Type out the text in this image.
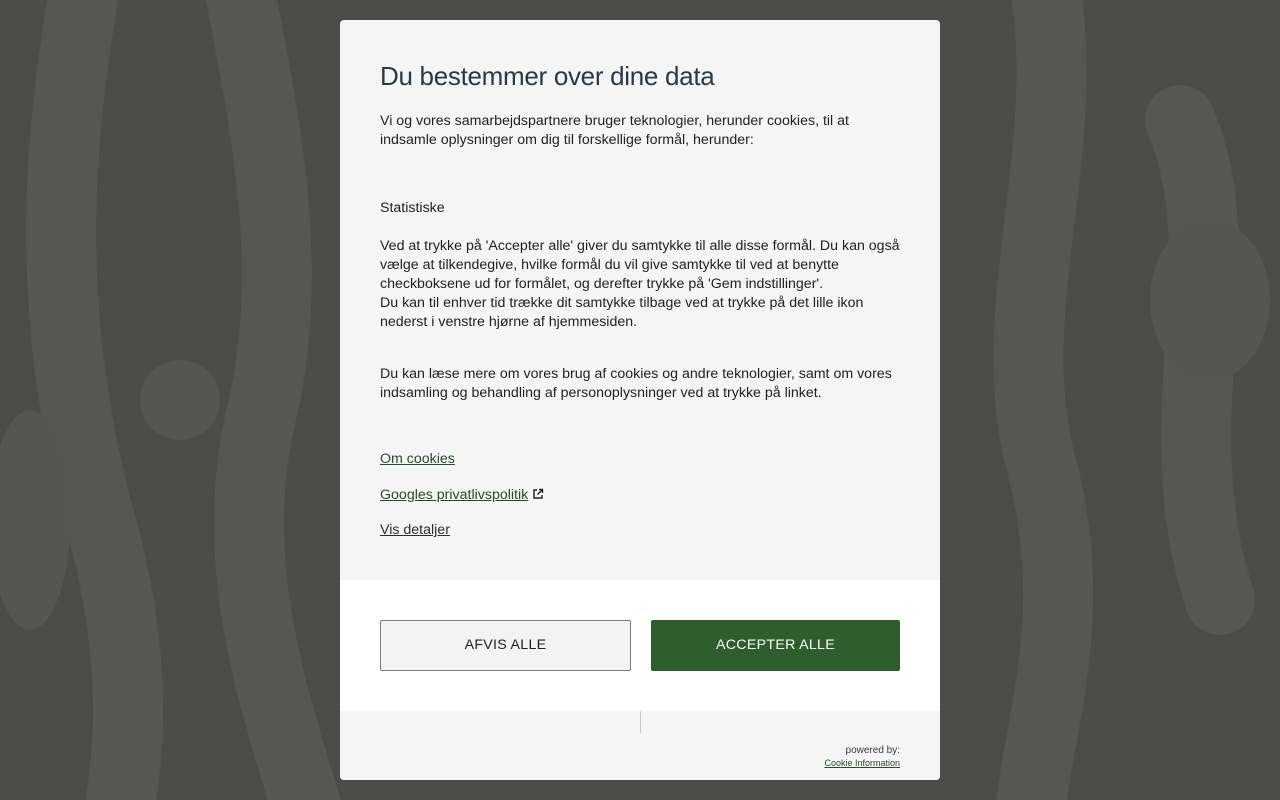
Du bestemmer over dine data

Vi og vores samarbejdspartnere bruger teknologier, herunder cookies, til at indsamle oplysninger om dig til forskellige formål, herunder:

Statistiske

Ved at trykke på 'Accepter alle' giver du samtykke til alle disse formål. Du kan også vælge at tilkendegive, hvilke formål du vil give samtykke til ved at benytte checkboksene ud for formålet, og derefter trykke på 'Gem indstillinger'.

Du kan til enhver tid trække dit samtykke tilbage ved at trykke på det lille ikon nederst i venstre hjørne af hjemmesiden.

Du kan læse mere om vores brug af cookies og andre teknologier, samt om vores indsamling og behandling af personoplysninger ved at trykke på linket.

Om cookies
Googles privatlivspolitik
Vis detaljer
AFVIS ALLE	ACCEPTER ALLE
powered by:
Cookie Information
